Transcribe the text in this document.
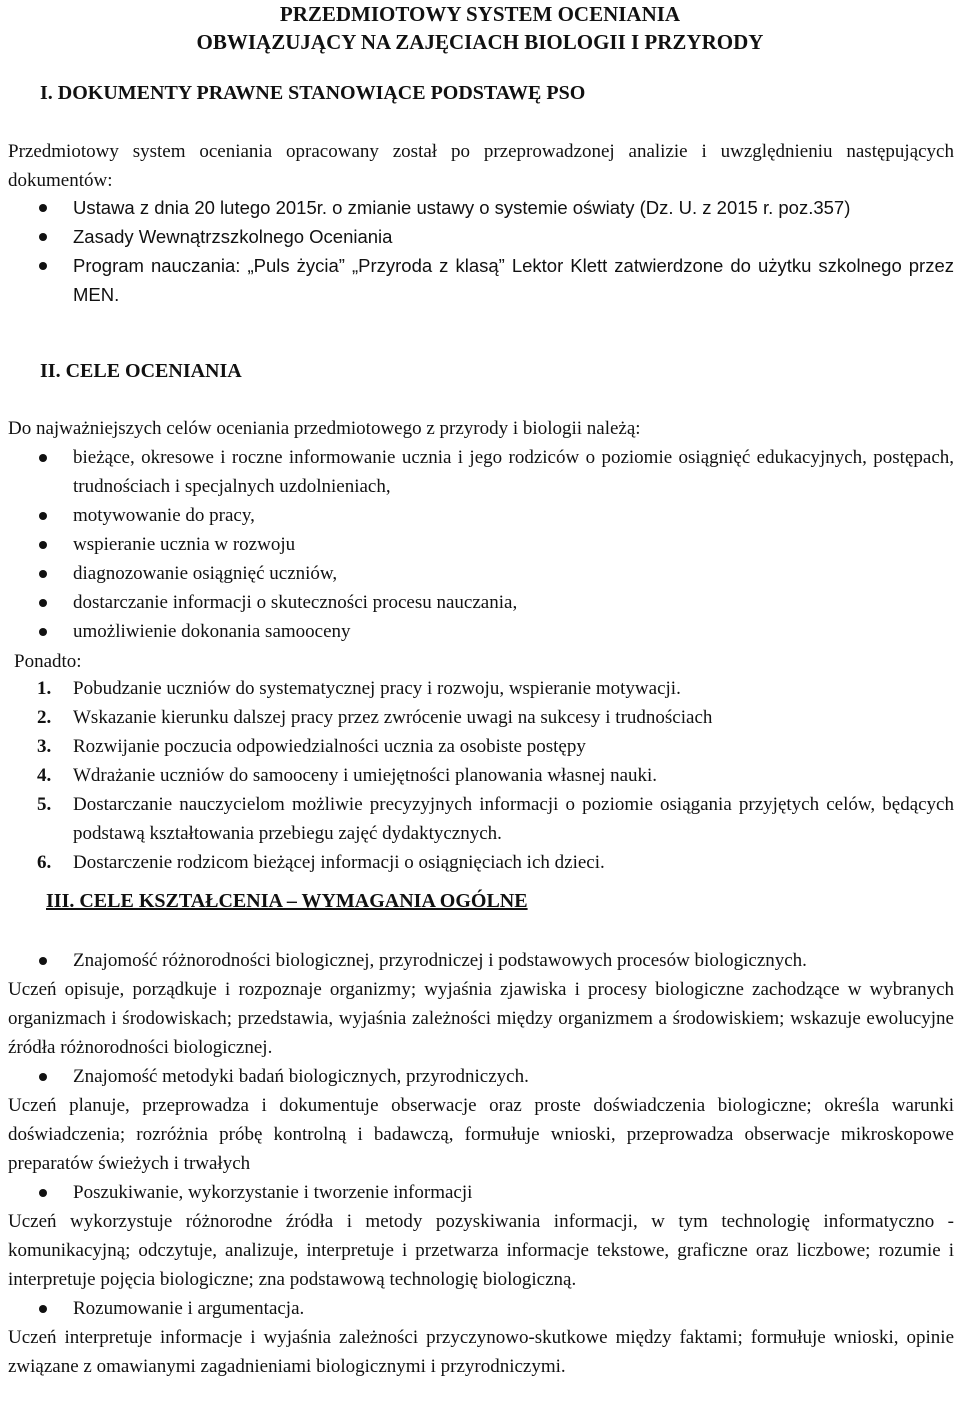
PRZEDMIOTOWY SYSTEM OCENIANIA
OBWIĄZUJĄCY NA ZAJĘCIACH BIOLOGII I PRZYRODY
I. DOKUMENTY PRAWNE STANOWIĄCE PODSTAWĘ PSO
Przedmiotowy system oceniania opracowany został po przeprowadzonej analizie i uwzględnieniu następujących dokumentów:
Ustawa z dnia 20 lutego 2015r. o zmianie ustawy o systemie oświaty (Dz. U. z 2015 r. poz.357)
Zasady Wewnątrzszkolnego Oceniania
Program nauczania: „Puls życia” „Przyroda z klasą” Lektor Klett zatwierdzone do użytku szkolnego przez MEN.
II. CELE OCENIANIA
Do najważniejszych celów oceniania przedmiotowego z przyrody i biologii należą:
bieżące, okresowe i roczne informowanie ucznia i jego rodziców o poziomie osiągnięć edukacyjnych, postępach, trudnościach i specjalnych uzdolnieniach,
motywowanie do pracy,
wspieranie ucznia w rozwoju
diagnozowanie osiągnięć uczniów,
dostarczanie informacji o skuteczności procesu nauczania,
umożliwienie dokonania samooceny
Ponadto:
1. Pobudzanie uczniów do systematycznej pracy i rozwoju, wspieranie motywacji.
2. Wskazanie kierunku dalszej pracy przez zwrócenie uwagi na sukcesy i trudnościach
3. Rozwijanie poczucia odpowiedzialności ucznia za osobiste postępy
4. Wdrażanie uczniów do samooceny i umiejętności planowania własnej nauki.
5. Dostarczanie nauczycielom możliwie precyzyjnych informacji o poziomie osiągania przyjętych celów, będących podstawą kształtowania przebiegu zajęć dydaktycznych.
6. Dostarczenie rodzicom bieżącej informacji o osiągnięciach ich dzieci.
III. CELE KSZTAŁCENIA – WYMAGANIA OGÓLNE
Znajomość różnorodności biologicznej, przyrodniczej i podstawowych procesów biologicznych.
Uczeń opisuje, porządkuje i rozpoznaje organizmy; wyjaśnia zjawiska i procesy biologiczne zachodzące w wybranych organizmach i środowiskach; przedstawia, wyjaśnia zależności między organizmem a środowiskiem; wskazuje ewolucyjne źródła różnorodności biologicznej.
Znajomość metodyki badań biologicznych, przyrodniczych.
Uczeń planuje, przeprowadza i dokumentuje obserwacje oraz proste doświadczenia biologiczne; określa warunki doświadczenia; rozróżnia próbę kontrolną i badawczą, formułuje wnioski, przeprowadza obserwacje mikroskopowe preparatów świeżych i trwałych
Poszukiwanie, wykorzystanie i tworzenie informacji
Uczeń wykorzystuje różnorodne źródła i metody pozyskiwania informacji, w tym technologię informatyczno - komunikacyjną; odczytuje, analizuje, interpretuje i przetwarza informacje tekstowe, graficzne oraz liczbowe; rozumie i interpretuje pojęcia biologiczne; zna podstawową technologię biologiczną.
Rozumowanie i argumentacja.
Uczeń interpretuje informacje i wyjaśnia zależności przyczynowo-skutkowe między faktami; formułuje wnioski, opinie związane z omawianymi zagadnieniami biologicznymi i przyrodniczymi.
